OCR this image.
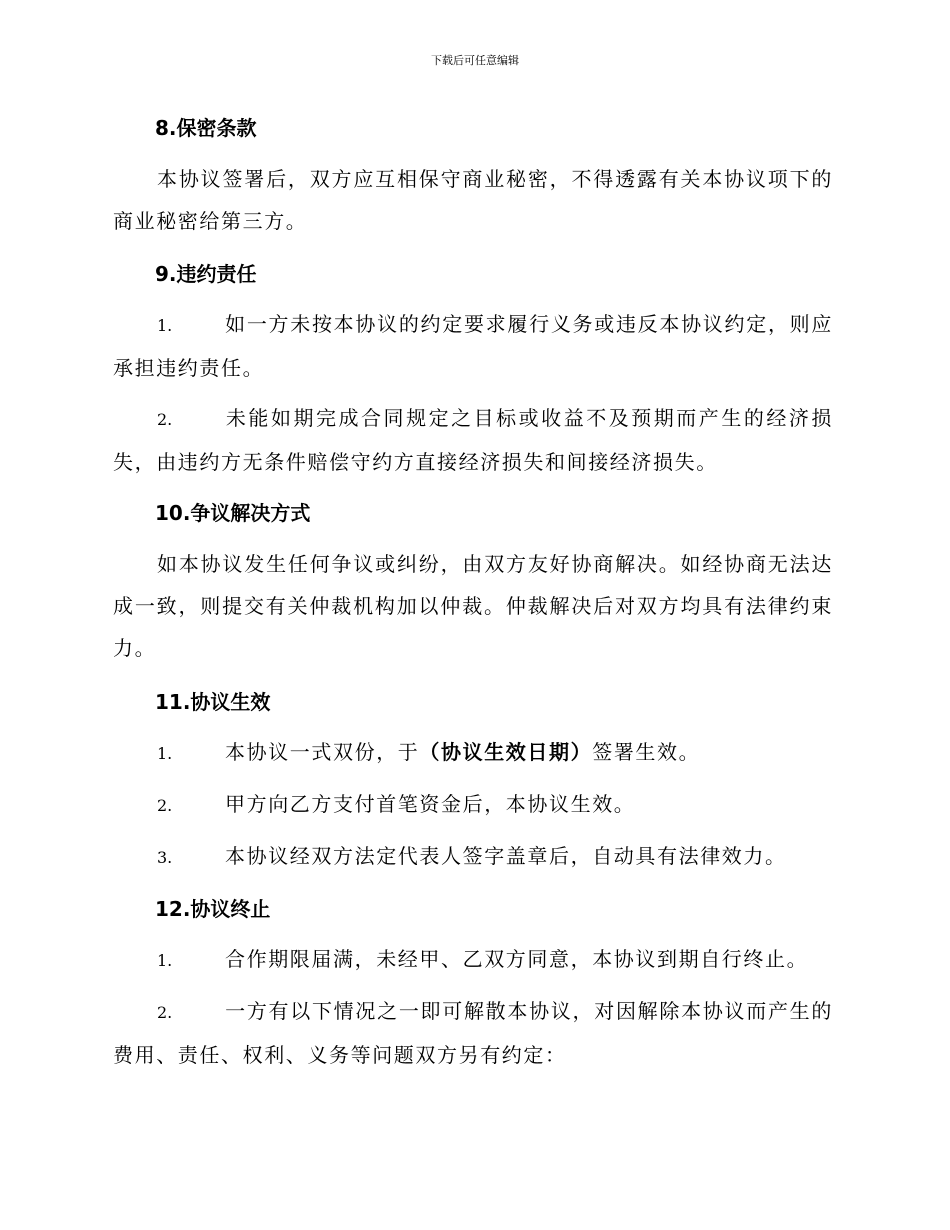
下载后可任意编辑
8.保密条款
本协议签署后，双方应互相保守商业秘密，不得透露有关本协议项下的商业秘密给第三方。
9.违约责任
1.	如一方未按本协议的约定要求履行义务或违反本协议约定，则应承担违约责任。
2.	未能如期完成合同规定之目标或收益不及预期而产生的经济损失，由违约方无条件赔偿守约方直接经济损失和间接经济损失。
10.争议解决方式
如本协议发生任何争议或纠纷，由双方友好协商解决。如经协商无法达成一致，则提交有关仲裁机构加以仲裁。仲裁解决后对双方均具有法律约束力。
11.协议生效
1.	本协议一式双份，于（协议生效日期）签署生效。
2.	甲方向乙方支付首笔资金后，本协议生效。
3.	本协议经双方法定代表人签字盖章后，自动具有法律效力。
12.协议终止
1.	合作期限届满，未经甲、乙双方同意，本协议到期自行终止。
2.	一方有以下情况之一即可解散本协议，对因解除本协议而产生的费用、责任、权利、义务等问题双方另有约定：
